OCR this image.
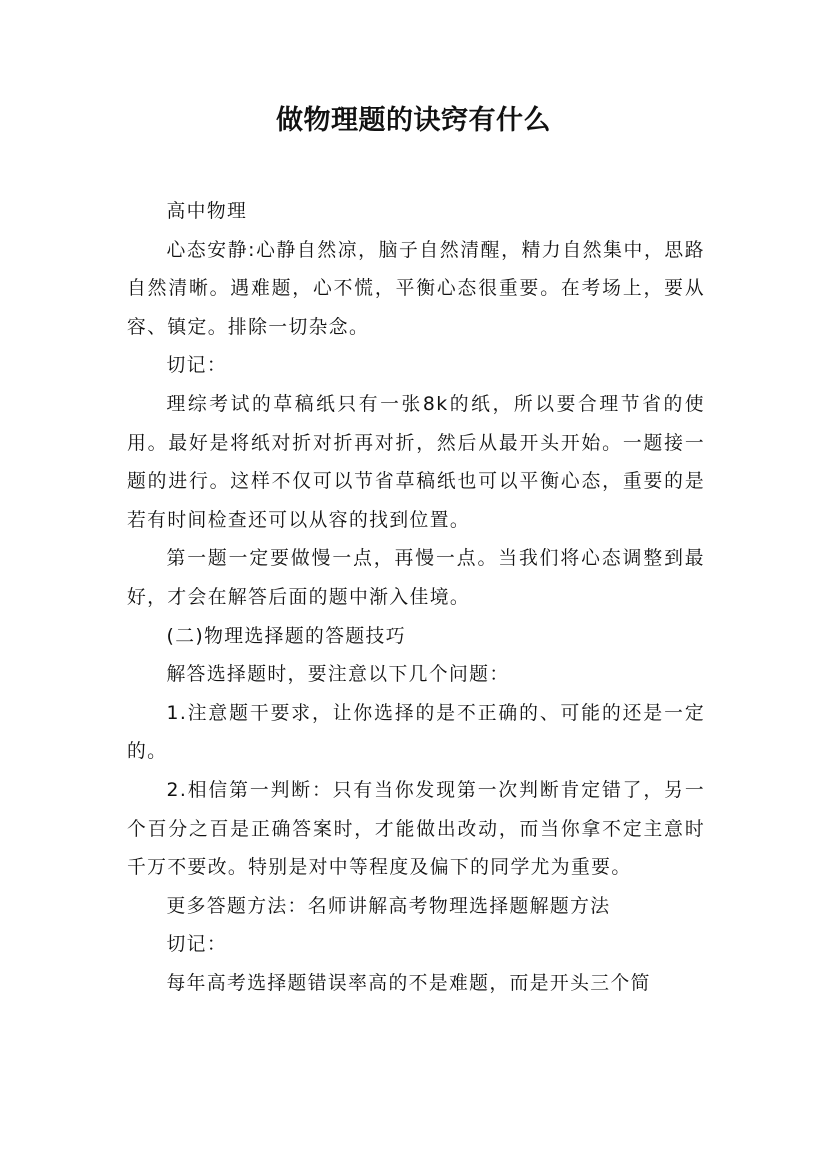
做物理题的诀窍有什么

高中物理

心态安静:心静自然凉，脑子自然清醒，精力自然集中，思路自然清晰。遇难题，心不慌，平衡心态很重要。在考场上，要从容、镇定。排除一切杂念。

切记：

理综考试的草稿纸只有一张8k的纸，所以要合理节省的使用。最好是将纸对折对折再对折，然后从最开头开始。一题接一题的进行。这样不仅可以节省草稿纸也可以平衡心态，重要的是若有时间检查还可以从容的找到位置。

第一题一定要做慢一点，再慢一点。当我们将心态调整到最好，才会在解答后面的题中渐入佳境。

(二)物理选择题的答题技巧

解答选择题时，要注意以下几个问题：

1.注意题干要求，让你选择的是不正确的、可能的还是一定的。

2.相信第一判断：只有当你发现第一次判断肯定错了，另一个百分之百是正确答案时，才能做出改动，而当你拿不定主意时千万不要改。特别是对中等程度及偏下的同学尤为重要。

更多答题方法：名师讲解高考物理选择题解题方法

切记：

每年高考选择题错误率高的不是难题，而是开头三个简
